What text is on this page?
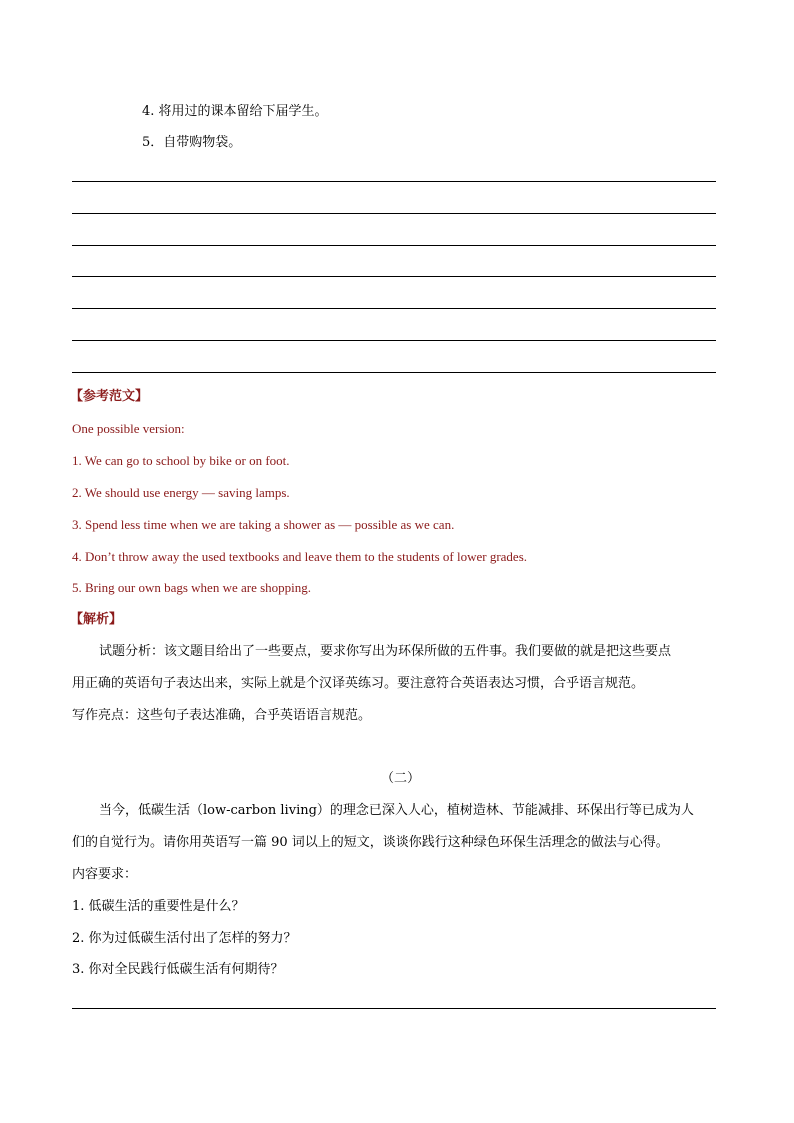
4. 将用过的课本留给下届学生。
5．自带购物袋。
【参考范文】
One possible version:
1. We can go to school by bike or on foot.
2. We should use energy — saving lamps.
3. Spend less time when we are taking a shower as — possible as we can.
4. Don’t throw away the used textbooks and leave them to the students of lower grades.
5. Bring our own bags when we are shopping.
【解析】
试题分析：该文题目给出了一些要点，要求你写出为环保所做的五件事。我们要做的就是把这些要点
用正确的英语句子表达出来，实际上就是个汉译英练习。要注意符合英语表达习惯，合乎语言规范。
写作亮点：这些句子表达准确，合乎英语语言规范。
（二）
当今，低碳生活（low-carbon living）的理念已深入人心，植树造林、节能减排、环保出行等已成为人
们的自觉行为。请你用英语写一篇 90 词以上的短文，谈谈你践行这种绿色环保生活理念的做法与心得。
内容要求：
1. 低碳生活的重要性是什么？
2. 你为过低碳生活付出了怎样的努力？
3. 你对全民践行低碳生活有何期待？
